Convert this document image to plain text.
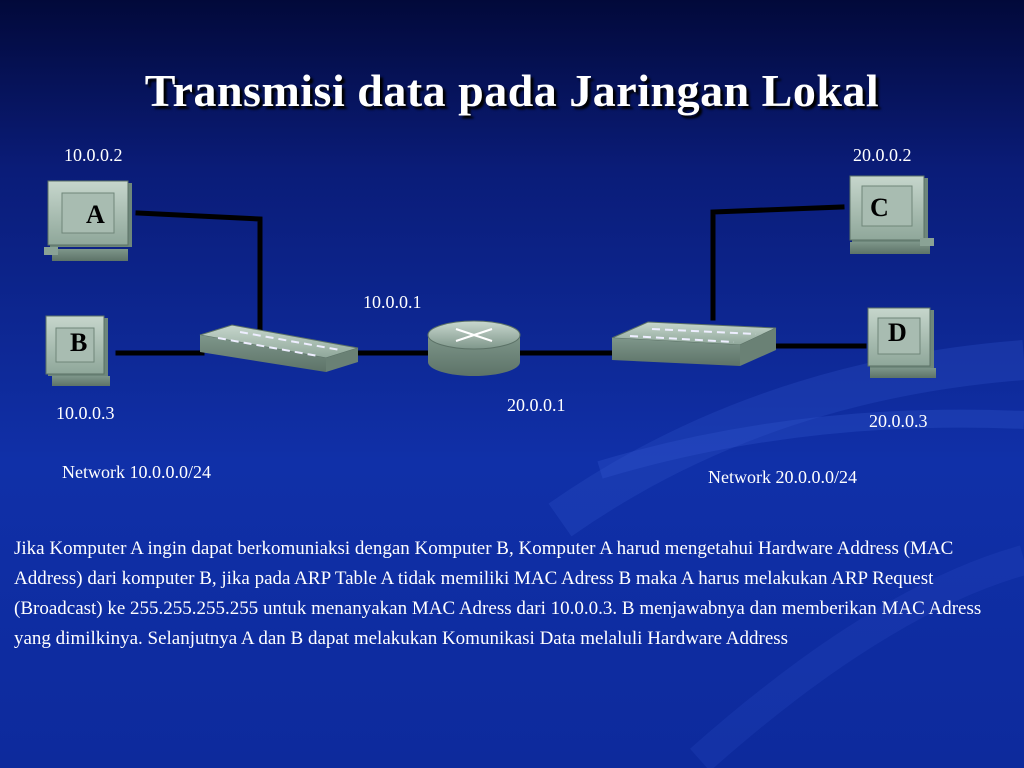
Transmisi data pada Jaringan Lokal
A
B
C
D
10.0.0.2
10.0.0.3
20.0.0.2
20.0.0.3
10.0.0.1
20.0.0.1
Network 10.0.0.0/24	Network 20.0.0.0/24
Jika Komputer A ingin dapat berkomuniaksi dengan Komputer B, Komputer A harud mengetahui Hardware Address (MAC Address) dari komputer B, jika pada ARP Table A tidak memiliki MAC Adress B maka A harus melakukan ARP Request (Broadcast) ke 255.255.255.255 untuk menanyakan MAC Adress dari 10.0.0.3. B menjawabnya dan memberikan MAC Adress yang dimilkinya. Selanjutnya A dan B dapat melakukan Komunikasi Data melaluli Hardware Address
